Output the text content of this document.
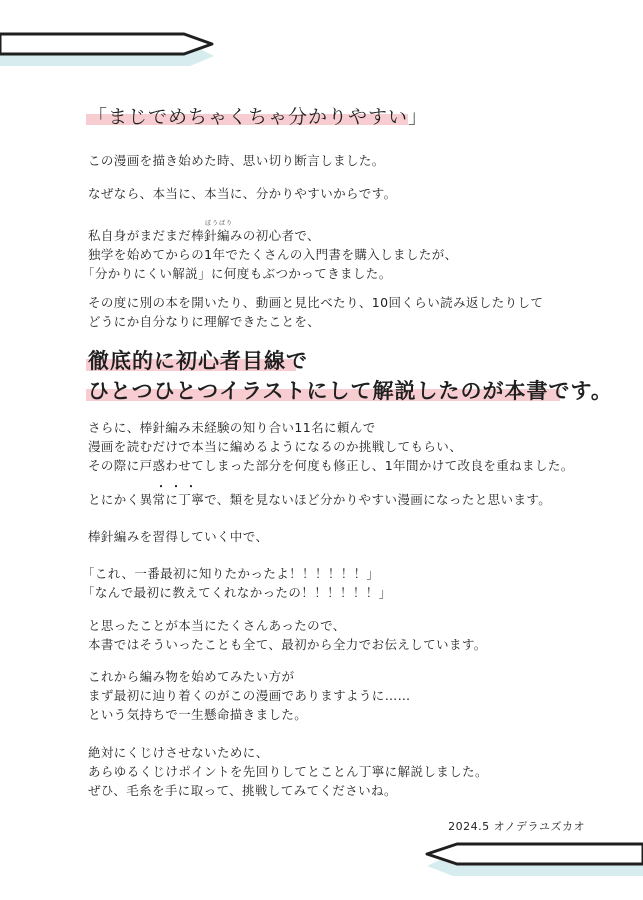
「まじでめちゃくちゃ分かりやすい」
この漫画を描き始めた時、思い切り断言しました。
なぜなら、本当に、本当に、分かりやすいからです。
ぼうばり
私自身がまだまだ棒針編みの初心者で、
独学を始めてからの1年でたくさんの入門書を購入しましたが、
「分かりにくい解説」に何度もぶつかってきました。
その度に別の本を開いたり、動画と見比べたり、10回くらい読み返したりして
どうにか自分なりに理解できたことを、
徹底的に初心者目線で
ひとつひとつイラストにして解説したのが本書です。
さらに、棒針編み未経験の知り合い11名に頼んで
漫画を読むだけで本当に編めるようになるのか挑戦してもらい、
その際に戸惑わせてしまった部分を何度も修正し、1年間かけて改良を重ねました。
・・・
とにかく異常に丁寧で、類を見ないほど分かりやすい漫画になったと思います。
棒針編みを習得していく中で、
「これ、一番最初に知りたかったよ！！！！！！」
「なんで最初に教えてくれなかったの！！！！！！」
と思ったことが本当にたくさんあったので、
本書ではそういったことも全て、最初から全力でお伝えしています。
これから編み物を始めてみたい方が
まず最初に辿り着くのがこの漫画でありますように……
という気持ちで一生懸命描きました。
絶対にくじけさせないために、
あらゆるくじけポイントを先回りしてとことん丁寧に解説しました。
ぜひ、毛糸を手に取って、挑戦してみてくださいね。
2024.5 オノデラユズカオ
